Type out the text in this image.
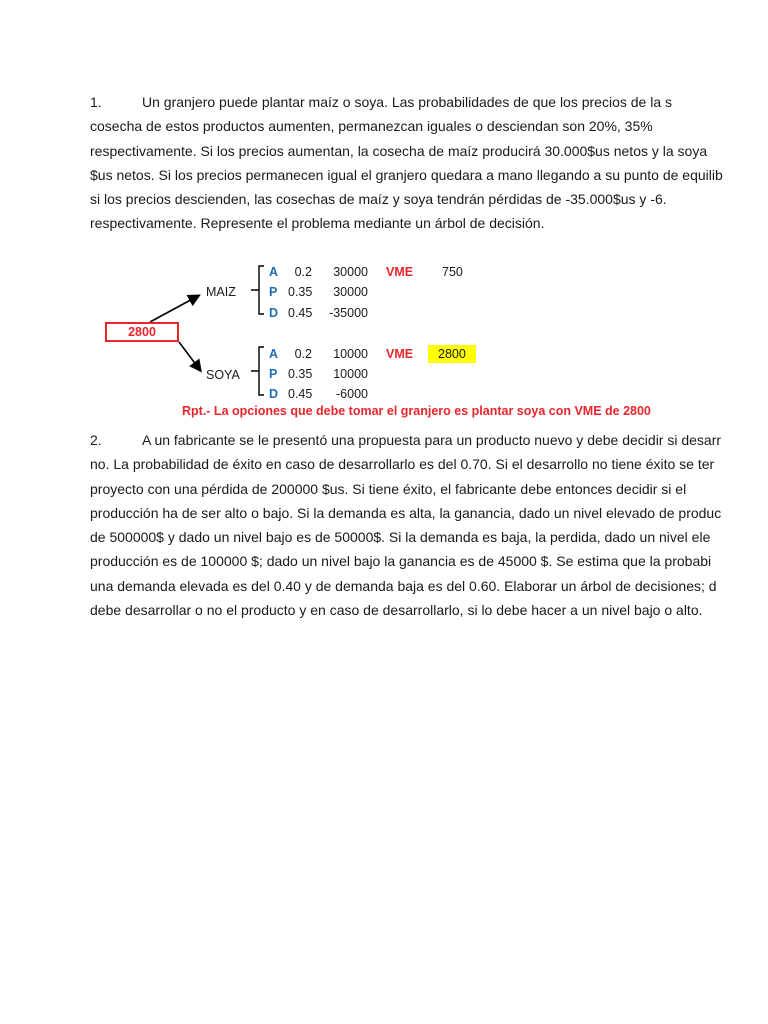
1.	Un granjero puede plantar maíz o soya. Las probabilidades de que los precios de la s
cosecha de estos productos aumenten, permanezcan iguales o desciendan son 20%, 35%
respectivamente. Si los precios aumentan, la cosecha de maíz producirá 30.000$us netos y la soya
$us netos. Si los precios permanecen igual el granjero quedara a mano llegando a su punto de equilib
si los precios descienden, las cosechas de maíz y soya tendrán pérdidas de -35.000$us y -6.
respectivamente. Represente el problema mediante un árbol de decisión.
2800
MAIZ
SOYA
A	0.2	30000
P 0.35	30000
D 0.45	-35000
VME 750
A	0.2	10000
P 0.35	10000
D 0.45	-6000
VME 2800
Rpt.- La opciones que debe tomar el granjero es plantar soya con VME de 2800
2.	A un fabricante se le presentó una propuesta para un producto nuevo y debe decidir si desarr
no. La probabilidad de éxito en caso de desarrollarlo es del 0.70. Si el desarrollo no tiene éxito se ter
proyecto con una pérdida de 200000 $us. Si tiene éxito, el fabricante debe entonces decidir si el
producción ha de ser alto o bajo. Si la demanda es alta, la ganancia, dado un nivel elevado de produc
de 500000$ y dado un nivel bajo es de 50000$. Si la demanda es baja, la perdida, dado un nivel ele
producción es de 100000 $; dado un nivel bajo la ganancia es de 45000 $. Se estima que la probabi
una demanda elevada es del 0.40 y de demanda baja es del 0.60. Elaborar un árbol de decisiones; d
debe desarrollar o no el producto y en caso de desarrollarlo, si lo debe hacer a un nivel bajo o alto.
